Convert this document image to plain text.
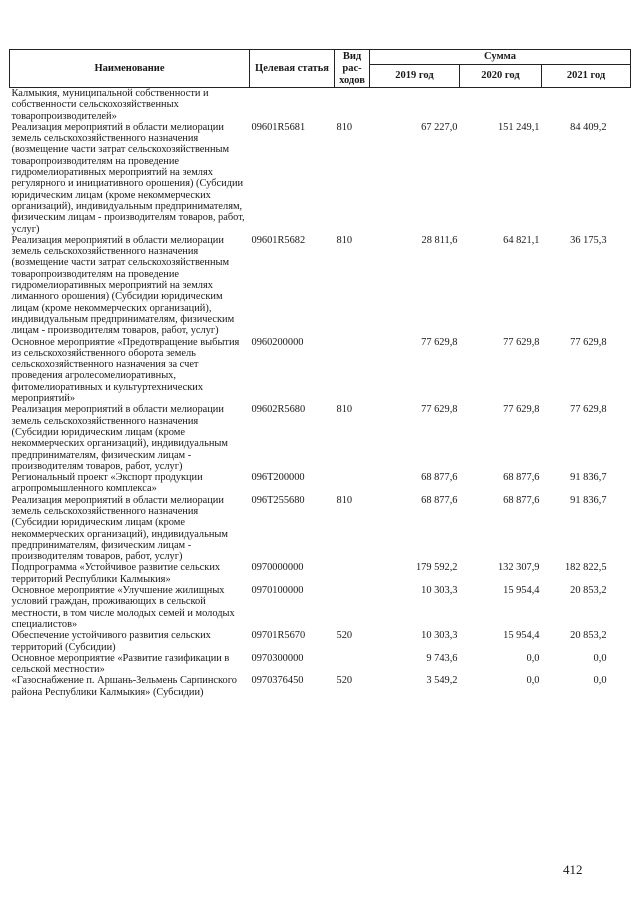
Наименование	Целевая статья	Вид рас-ходов	Сумма		
			2019 год	2020 год	2021 год
Калмыкия, муниципальной собственности и собственности сельскохозяйственных товаропроизводителей»					
Реализация мероприятий в области мелиорации земель сельскохозяйственного назначения (возмещение части затрат сельскохозяйственным товаропроизводителям на проведение гидромелиоративных мероприятий на землях регулярного и инициативного орошения) (Субсидии юридическим лицам (кроме некоммерческих организаций), индивидуальным предпринимателям, физическим лицам - производителям товаров, работ, услуг)	09601R5681	810	67 227,0	151 249,1	84 409,2
Реализация мероприятий в области мелиорации земель сельскохозяйственного назначения (возмещение части затрат сельскохозяйственным товаропроизводителям на проведение гидромелиоративных мероприятий на землях лиманного орошения) (Субсидии юридическим лицам (кроме некоммерческих организаций), индивидуальным предпринимателям, физическим лицам - производителям товаров, работ, услуг)	09601R5682	810	28 811,6	64 821,1	36 175,3
Основное мероприятие «Предотвращение выбытия из сельскохозяйственного оборота земель сельскохозяйственного назначения за счет проведения агролесомелиоративных, фитомелиоративных и культуртехнических мероприятий»	0960200000		77 629,8	77 629,8	77 629,8
Реализация мероприятий в области мелиорации земель сельскохозяйственного назначения (Субсидии юридическим лицам (кроме некоммерческих организаций), индивидуальным предпринимателям, физическим лицам - производителям товаров, работ, услуг)	09602R5680	810	77 629,8	77 629,8	77 629,8
Региональный проект «Экспорт продукции агропромышленного комплекса»	096T200000		68 877,6	68 877,6	91 836,7
Реализация мероприятий в области мелиорации земель сельскохозяйственного назначения (Субсидии юридическим лицам (кроме некоммерческих организаций), индивидуальным предпринимателям, физическим лицам - производителям товаров, работ, услуг)	096T255680	810	68 877,6	68 877,6	91 836,7
Подпрограмма «Устойчивое развитие сельских территорий Республики Калмыкия»	0970000000		179 592,2	132 307,9	182 822,5
Основное мероприятие «Улучшение жилищных условий граждан, проживающих в сельской местности, в том числе молодых семей и молодых специалистов»	0970100000		10 303,3	15 954,4	20 853,2
Обеспечение устойчивого развития сельских территорий (Субсидии)	09701R5670	520	10 303,3	15 954,4	20 853,2
Основное мероприятие «Развитие газификации в сельской местности»	0970300000		9 743,6	0,0	0,0
«Газоснабжение п. Аршань-Зельмень Сарпинского района Республики Калмыкия» (Субсидии)	0970376450	520	3 549,2	0,0	0,0
412
